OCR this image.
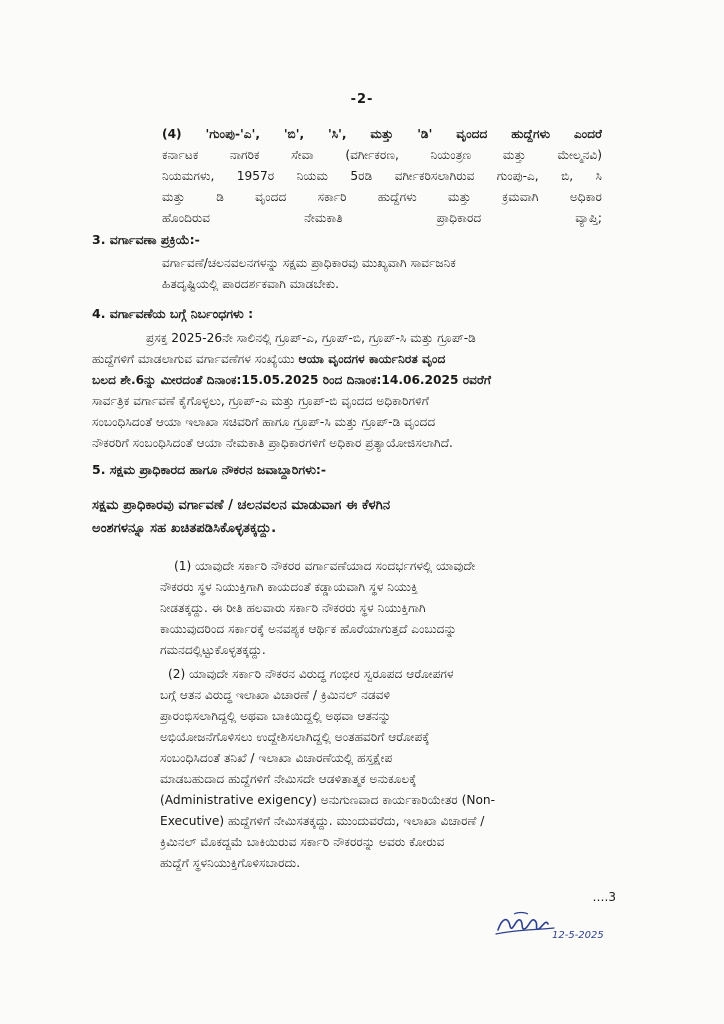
-2-
(4) 'ಗುಂಪು-'ಎ', 'ಬಿ', 'ಸಿ', ಮತ್ತು 'ಡಿ' ವೃಂದದ ಹುದ್ದೆಗಳು ಎಂದರೆ
ಕರ್ನಾಟಕ ನಾಗರಿಕ ಸೇವಾ (ವರ್ಗೀಕರಣ, ನಿಯಂತ್ರಣ ಮತ್ತು ಮೇಲ್ಮನವಿ)
ನಿಯಮಗಳು, 1957ರ ನಿಯಮ 5ರಡಿ ವರ್ಗೀಕರಿಸಲಾಗಿರುವ ಗುಂಪು-ಎ, ಬಿ, ಸಿ
ಮತ್ತು ಡಿ ವೃಂದದ ಸರ್ಕಾರಿ ಹುದ್ದೆಗಳು ಮತ್ತು ಕ್ರಮವಾಗಿ ಅಧಿಕಾರ
ಹೊಂದಿರುವ ನೇಮಕಾತಿ ಪ್ರಾಧಿಕಾರದ ವ್ಯಾಪ್ತಿ;
3. ವರ್ಗಾವಣಾ ಪ್ರಕ್ರಿಯೆ:-
ವರ್ಗಾವಣೆ/ಚಲನವಲನಗಳನ್ನು ಸಕ್ಷಮ ಪ್ರಾಧಿಕಾರವು ಮುಖ್ಯವಾಗಿ ಸಾರ್ವಜನಿಕ
ಹಿತದೃಷ್ಟಿಯಲ್ಲಿ ಪಾರದರ್ಶಕವಾಗಿ ಮಾಡಬೇಕು.
4. ವರ್ಗಾವಣೆಯ ಬಗ್ಗೆ ನಿರ್ಬಂಧಗಳು :
ಪ್ರಸಕ್ತ 2025-26ನೇ ಸಾಲಿನಲ್ಲಿ ಗ್ರೂಪ್-ಎ, ಗ್ರೂಪ್-ಬಿ, ಗ್ರೂಪ್-ಸಿ ಮತ್ತು ಗ್ರೂಪ್-ಡಿ
ಹುದ್ದೆಗಳಿಗೆ ಮಾಡಲಾಗುವ ವರ್ಗಾವಣೆಗಳ ಸಂಖ್ಯೆಯು ಆಯಾ ವೃಂದಗಳ ಕಾರ್ಯನಿರತ ವೃಂದ
ಬಲದ ಶೇ.6ನ್ನು ಮೀರದಂತೆ ದಿನಾಂಕ:15.05.2025 ರಿಂದ ದಿನಾಂಕ:14.06.2025 ರವರೆಗೆ
ಸಾರ್ವತ್ರಿಕ ವರ್ಗಾವಣೆ ಕೈಗೊಳ್ಳಲು, ಗ್ರೂಪ್-ಎ ಮತ್ತು ಗ್ರೂಪ್-ಬಿ ವೃಂದದ ಅಧಿಕಾರಿಗಳಿಗೆ
ಸಂಬಂಧಿಸಿದಂತೆ ಆಯಾ ಇಲಾಖಾ ಸಚಿವರಿಗೆ ಹಾಗೂ ಗ್ರೂಪ್-ಸಿ ಮತ್ತು ಗ್ರೂಪ್-ಡಿ ವೃಂದದ
ನೌಕರರಿಗೆ ಸಂಬಂಧಿಸಿದಂತೆ ಆಯಾ ನೇಮಕಾತಿ ಪ್ರಾಧಿಕಾರಗಳಿಗೆ ಅಧಿಕಾರ ಪ್ರತ್ಯಾಯೋಜಿಸಲಾಗಿದೆ.
5. ಸಕ್ಷಮ ಪ್ರಾಧಿಕಾರದ ಹಾಗೂ ನೌಕರನ ಜವಾಬ್ದಾರಿಗಳು:-
ಸಕ್ಷಮ ಪ್ರಾಧಿಕಾರವು ವರ್ಗಾವಣೆ / ಚಲನವಲನ ಮಾಡುವಾಗ ಈ ಕೆಳಗಿನ
ಅಂಶಗಳನ್ನೂ ಸಹ ಖಚಿತಪಡಿಸಿಕೊಳ್ಳತಕ್ಕದ್ದು.
(1) ಯಾವುದೇ ಸರ್ಕಾರಿ ನೌಕರರ ವರ್ಗಾವಣೆಯಾದ ಸಂದರ್ಭಗಳಲ್ಲಿ ಯಾವುದೇ
ನೌಕರರು ಸ್ಥಳ ನಿಯುಕ್ತಿಗಾಗಿ ಕಾಯದಂತೆ ಕಡ್ಡಾಯವಾಗಿ ಸ್ಥಳ ನಿಯುಕ್ತಿ
ನೀಡತಕ್ಕದ್ದು. ಈ ರೀತಿ ಹಲವಾರು ಸರ್ಕಾರಿ ನೌಕರರು ಸ್ಥಳ ನಿಯುಕ್ತಿಗಾಗಿ
ಕಾಯುವುದರಿಂದ ಸರ್ಕಾರಕ್ಕೆ ಅನವಶ್ಯಕ ಆರ್ಥಿಕ ಹೊರೆಯಾಗುತ್ತದೆ ಎಂಬುದನ್ನು
ಗಮನದಲ್ಲಿಟ್ಟುಕೊಳ್ಳತಕ್ಕದ್ದು.
(2) ಯಾವುದೇ ಸರ್ಕಾರಿ ನೌಕರನ ವಿರುದ್ಧ ಗಂಭೀರ ಸ್ವರೂಪದ ಆರೋಪಗಳ
ಬಗ್ಗೆ ಆತನ ವಿರುದ್ಧ ಇಲಾಖಾ ವಿಚಾರಣೆ / ಕ್ರಿಮಿನಲ್ ನಡವಳಿ
ಪ್ರಾರಂಭಿಸಲಾಗಿದ್ದಲ್ಲಿ ಅಥವಾ ಬಾಕಿಯಿದ್ದಲ್ಲಿ ಅಥವಾ ಆತನನ್ನು
ಅಭಿಯೋಜನೆಗೊಳಿಸಲು ಉದ್ದೇಶಿಸಲಾಗಿದ್ದಲ್ಲಿ ಅಂತಹವರಿಗೆ ಆರೋಪಕ್ಕೆ
ಸಂಬಂಧಿಸಿದಂತೆ ತನಿಖೆ / ಇಲಾಖಾ ವಿಚಾರಣೆಯಲ್ಲಿ ಹಸ್ತಕ್ಷೇಪ
ಮಾಡಬಹುದಾದ ಹುದ್ದೆಗಳಿಗೆ ನೇಮಿಸದೇ ಆಡಳಿತಾತ್ಮಕ ಅನುಕೂಲಕ್ಕೆ
(Administrative exigency) ಅನುಗುಣವಾದ ಕಾರ್ಯಕಾರಿಯೇತರ (Non-
Executive) ಹುದ್ದೆಗಳಿಗೆ ನೇಮಿಸತಕ್ಕದ್ದು. ಮುಂದುವರೆದು, ಇಲಾಖಾ ವಿಚಾರಣೆ /
ಕ್ರಿಮಿನಲ್ ಮೊಕದ್ದಮೆ ಬಾಕಿಯಿರುವ ಸರ್ಕಾರಿ ನೌಕರರನ್ನು ಅವರು ಕೋರುವ
ಹುದ್ದೆಗೆ ಸ್ಥಳನಿಯುಕ್ತಿಗೊಳಿಸಬಾರದು.
….3
12-5-2025
